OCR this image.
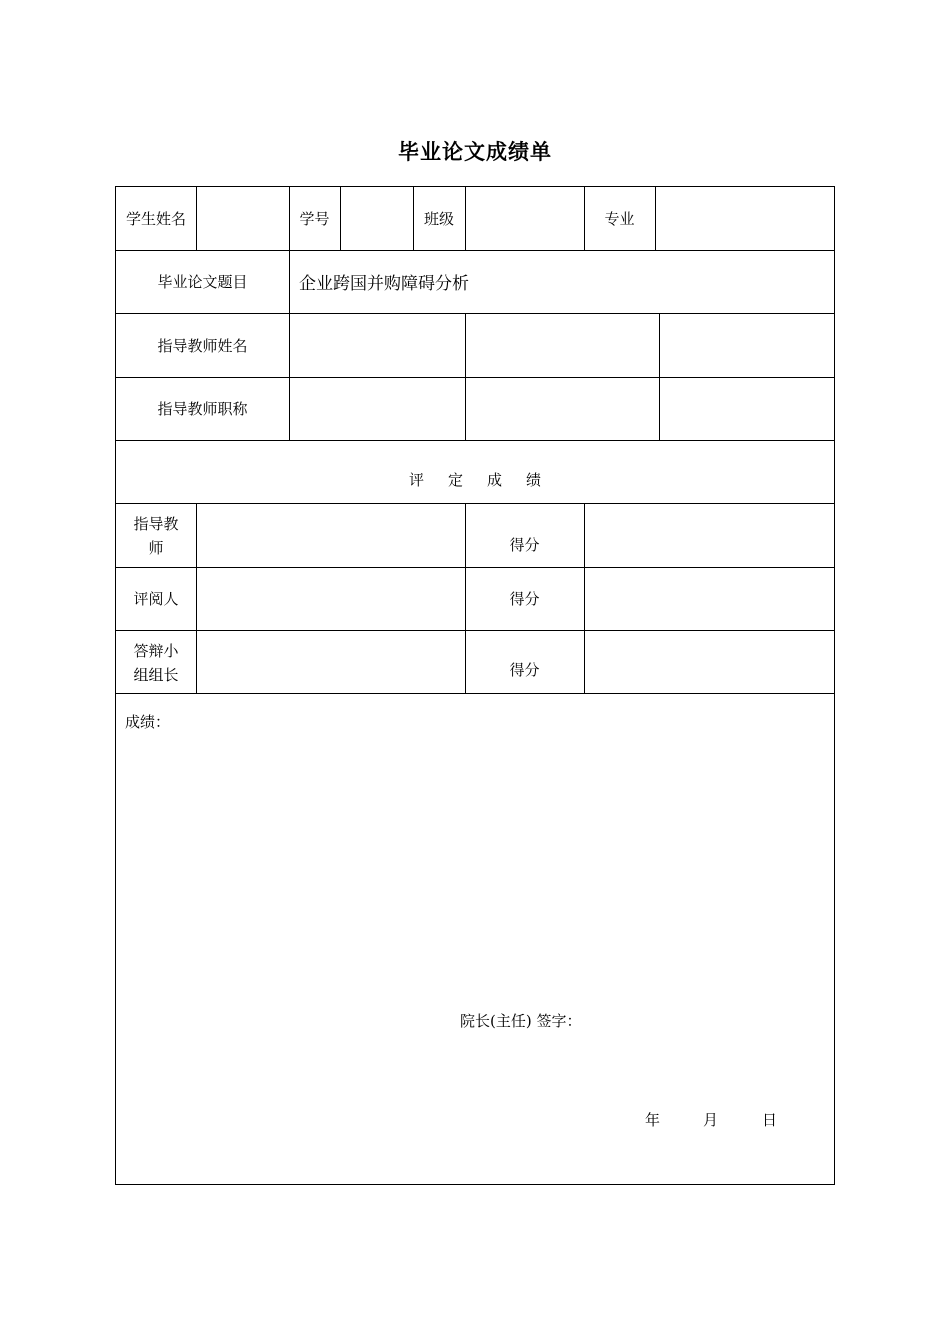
毕业论文成绩单
学生姓名	学号	班级	专业
毕业论文题目	企业跨国并购障碍分析
指导教师姓名
指导教师职称
评 定 成 绩
指导教
师	得分
评阅人	得分
答辩小
组组长	得分
成绩：
院长(主任) 签字：
年	月	日
